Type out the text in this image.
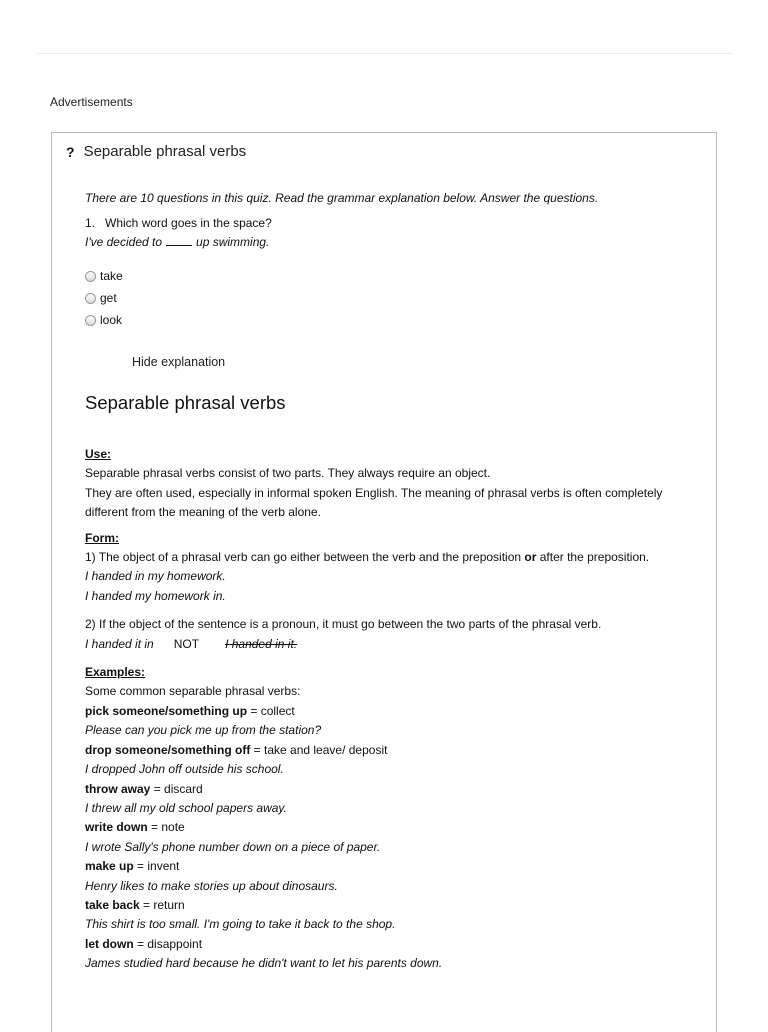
Advertisements
? Separable phrasal verbs
There are 10 questions in this quiz. Read the grammar explanation below. Answer the questions.
1. Which word goes in the space?
I've decided to	up swimming.
take
get
look
Hide explanation
Separable phrasal verbs

Use:

Separable phrasal verbs consist of two parts. They always require an object.

They are often used, especially in informal spoken English. The meaning of phrasal verbs is often completely

different from the meaning of the verb alone.

Form:

1) The object of a phrasal verb can go either between the verb and the preposition or after the preposition.

I handed in my homework.

I handed my homework in.

2) If the object of the sentence is a pronoun, it must go between the two parts of the phrasal verb.

I handed it in NOT I handed in it.

Examples:

Some common separable phrasal verbs:

pick someone/something up = collect

Please can you pick me up from the station?

drop someone/something off = take and leave/ deposit

I dropped John off outside his school.

throw away = discard

I threw all my old school papers away.

write down = note

I wrote Sally's phone number down on a piece of paper.

make up = invent

Henry likes to make stories up about dinosaurs.

take back = return

This shirt is too small. I'm going to take it back to the shop.

let down = disappoint

James studied hard because he didn't want to let his parents down.
